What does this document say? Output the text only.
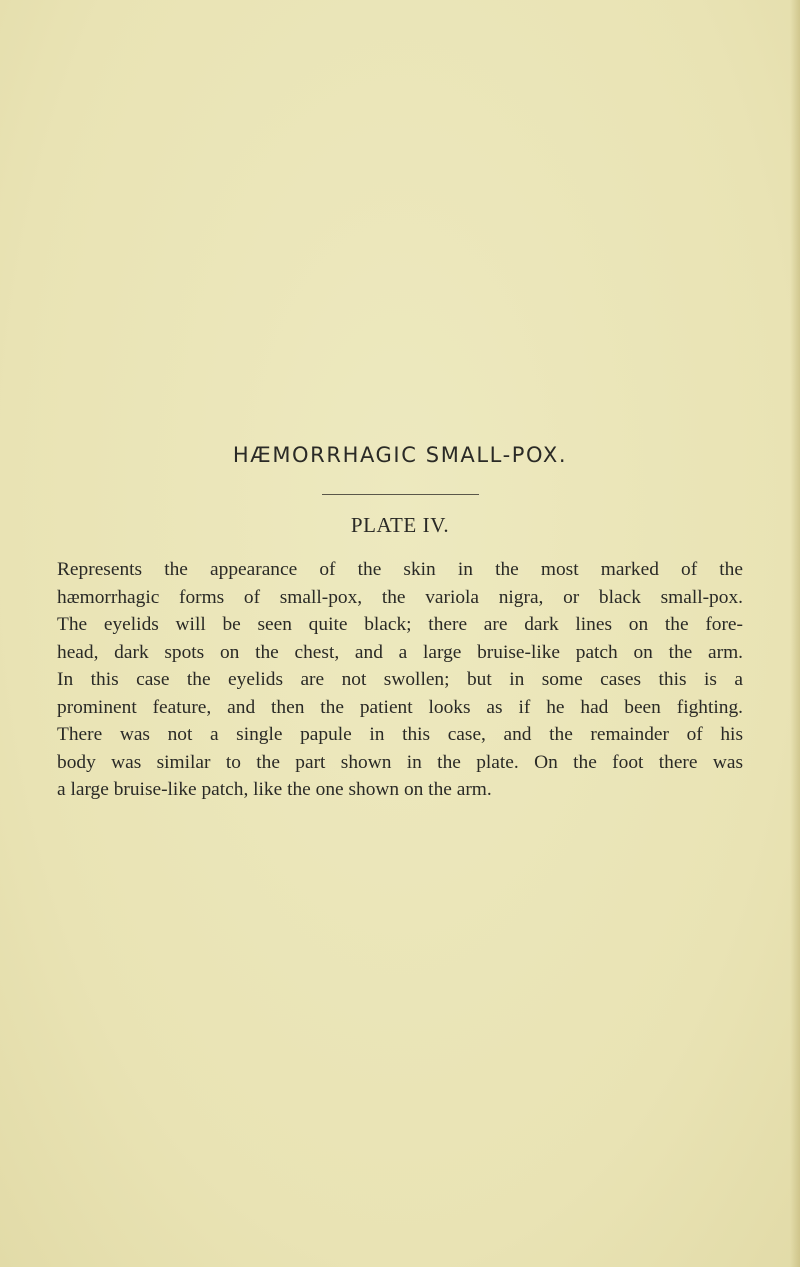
HÆMORRHAGIC SMALL-POX.
PLATE IV.
Represents the appearance of the skin in the most marked of the
hæmorrhagic forms of small-pox, the variola nigra, or black small-pox.
The eyelids will be seen quite black; there are dark lines on the fore-
head, dark spots on the chest, and a large bruise-like patch on the arm.
In this case the eyelids are not swollen; but in some cases this is a
prominent feature, and then the patient looks as if he had been fighting.
There was not a single papule in this case, and the remainder of his
body was similar to the part shown in the plate. On the foot there was
a large bruise-like patch, like the one shown on the arm.
